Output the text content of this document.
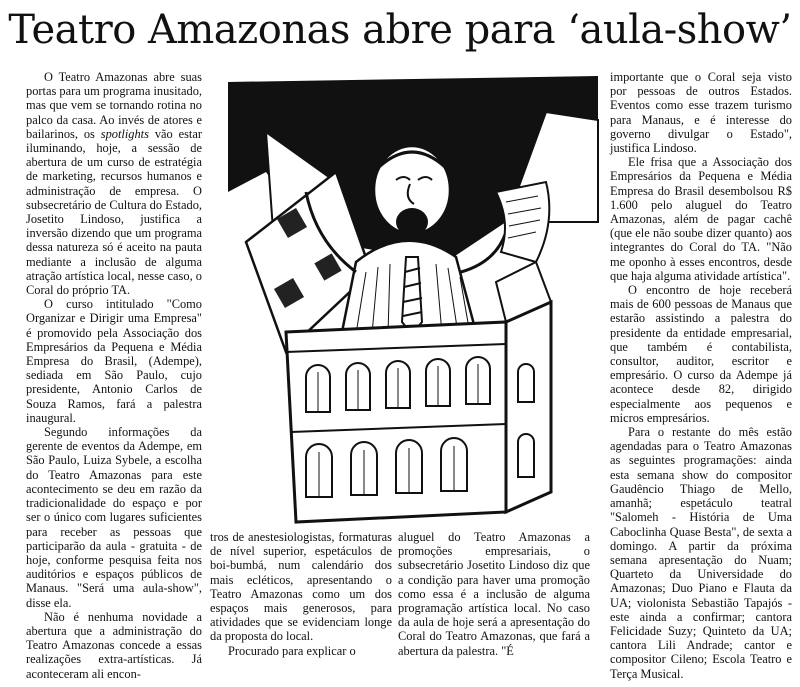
Teatro Amazonas abre para ‘aula-show’

O Teatro Amazonas abre suas portas para um programa inusitado, mas que vem se tornando rotina no palco da casa. Ao invés de atores e bailarinos, os spotlights vão estar iluminando, hoje, a sessão de abertura de um curso de estratégia de marketing, recursos humanos e administração de empresa. O subsecretário de Cultura do Estado, Josetito Lindoso, justifica a inversão dizendo que um programa dessa natureza só é aceito na pauta mediante a inclusão de alguma atração artística local, nesse caso, o Coral do próprio TA.

O curso intitulado "Como Organizar e Dirigir uma Empresa" é promovido pela Associação dos Empresários da Pequena e Média Empresa do Brasil, (Adempe), sediada em São Paulo, cujo presidente, Antonio Carlos de Souza Ramos, fará a palestra inaugural.

Segundo informações da gerente de eventos da Adempe, em São Paulo, Luiza Sybele, a escolha do Teatro Amazonas para este acontecimento se deu em razão da tradicionalidade do espaço e por ser o único com lugares suficientes para receber as pessoas que participarão da aula - gratuita - de hoje, conforme pesquisa feita nos auditórios e espaços públicos de Manaus. "Será uma aula-show", disse ela.

Não é nenhuma novidade a abertura que a administração do Teatro Amazonas concede a essas realizações extra-artísticas. Já aconteceram ali encon-

tros de anestesiologistas, formaturas de nível superior, espetáculos de boi-bumbá, num calendário dos mais ecléticos, apresentando o Teatro Amazonas como um dos espaços mais generosos, para atividades que se evidenciam longe da proposta do local.

Procurado para explicar o

aluguel do Teatro Amazonas a promoções empresariais, o subsecretário Josetito Lindoso diz que a condição para haver uma promoção como essa é a inclusão de alguma programação artística local. No caso da aula de hoje será a apresentação do Coral do Teatro Amazonas, que fará a abertura da palestra. "É

importante que o Coral seja visto por pessoas de outros Estados. Eventos como esse trazem turismo para Manaus, e é interesse do governo divulgar o Estado", justifica Lindoso.

Ele frisa que a Associação dos Empresários da Pequena e Média Empresa do Brasil desembolsou R$ 1.600 pelo aluguel do Teatro Amazonas, além de pagar cachê (que ele não soube dizer quanto) aos integrantes do Coral do TA. "Não me oponho à esses encontros, desde que haja alguma atividade artística".

O encontro de hoje receberá mais de 600 pessoas de Manaus que estarão assistindo a palestra do presidente da entidade empresarial, que também é contabilista, consultor, auditor, escritor e empresário. O curso da Adempe já acontece desde 82, dirigido especialmente aos pequenos e micros empresários.

Para o restante do mês estão agendadas para o Teatro Amazonas as seguintes programações: ainda esta semana show do compositor Gaudêncio Thiago de Mello, amanhã; espetáculo teatral "Salomeh - História de Uma Caboclinha Quase Besta", de sexta a domingo. A partir da próxima semana apresentação do Nuam; Quarteto da Universidade do Amazonas; Duo Piano e Flauta da UA; violonista Sebastião Tapajós - este ainda a confirmar; cantora Felicidade Suzy; Quinteto da UA; cantora Lili Andrade; cantor e compositor Cileno; Escola Teatro e Terça Musical.
